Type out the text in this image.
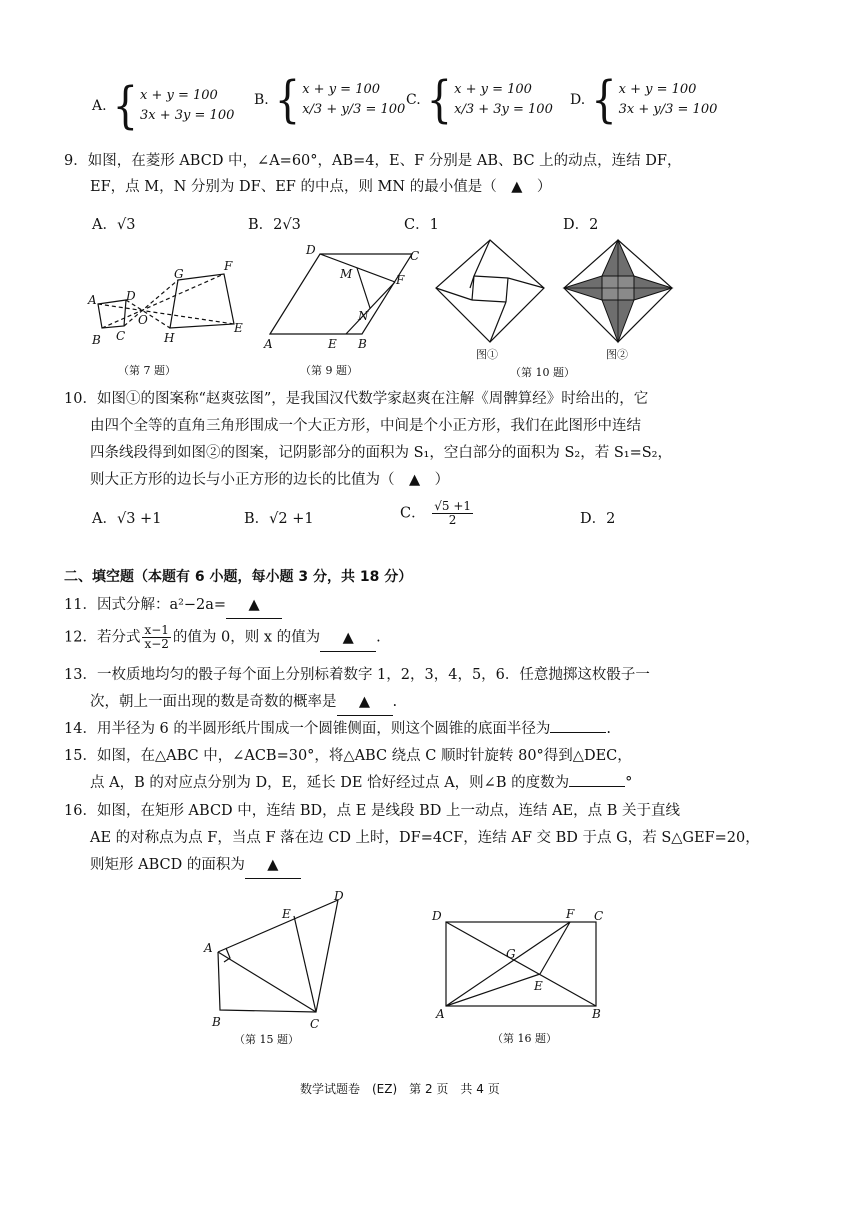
A. { x + y = 100
3x + 3y = 100
B. { x + y = 100
x/3 + y/3 = 100
C. { x + y = 100
x/3 + 3y = 100
D. { x + y = 100
3x + y/3 = 100
9．如图，在菱形 ABCD 中，∠A=60°，AB=4，E、F 分别是 AB、BC 上的动点，连结 DF，
EF，点 M，N 分别为 DF、EF 的中点，则 MN 的最小值是（　▲　）
A．√3	B．2√3	C．1	D．2
A D
C
B
O
G
F
H
E
（第 7 题）
D	C
M	F
N
A	E B
（第 9 题）
图①
（第 10 题）
图②
10．如图①的图案称“赵爽弦图”，是我国汉代数学家赵爽在注解《周髀算经》时给出的，它
由四个全等的直角三角形围成一个大正方形，中间是个小正方形，我们在此图形中连结
四条线段得到如图②的图案，记阴影部分的面积为 S₁，空白部分的面积为 S₂，若 S₁=S₂，
则大正方形的边长与小正方形的边长的比值为（　▲　）
A．√3 +1	B．√2 +1	C． $\frac{√5 +1}{2}$	D．2
二、填空题（本题有 6 小题，每小题 3 分，共 18 分）
11．因式分解：a²−2a= ▲
12．若分式 $\frac{x-1}{x-2}$ 的值为 0，则 x 的值为 ▲ .
13．一枚质地均匀的骰子每个面上分别标着数字 1，2，3，4，5，6．任意抛掷这枚骰子一
次，朝上一面出现的数是奇数的概率是 ▲ .
14．用半径为 6 的半圆形纸片围成一个圆锥侧面，则这个圆锥的底面半径为	.
15．如图，在△ABC 中，∠ACB=30°，将△ABC 绕点 C 顺时针旋转 80°得到△DEC，
点 A，B 的对应点分别为 D，E，延长 DE 恰好经过点 A，则∠B 的度数为	°
16．如图，在矩形 ABCD 中，连结 BD，点 E 是线段 BD 上一动点，连结 AE，点 B 关于直线
AE 的对称点为点 F，当点 F 落在边 CD 上时，DF=4CF，连结 AF 交 BD 于点 G，若 S△GEF=20，
则矩形 ABCD 的面积为 ▲
E
D
A
B	C
（第 15 题）
D	F C
G
E
A	B
（第 16 题）
数学试题卷　(EZ)　第 2 页　共 4 页
